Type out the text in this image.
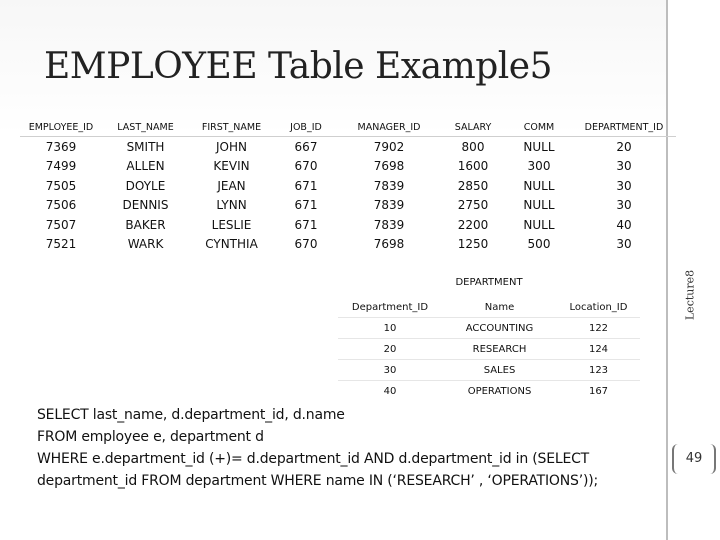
Lecture8
EMPLOYEE Table Example5
EMPLOYEE_ID	LAST_NAME	FIRST_NAME	JOB_ID	MANAGER_ID	SALARY	COMM	DEPARTMENT_ID
7369	SMITH	JOHN	667	7902	800	NULL	20
7499	ALLEN	KEVIN	670	7698	1600	300	30
7505	DOYLE	JEAN	671	7839	2850	NULL	30
7506	DENNIS	LYNN	671	7839	2750	NULL	30
7507	BAKER	LESLIE	671	7839	2200	NULL	40
7521	WARK	CYNTHIA	670	7698	1250	500	30
DEPARTMENT
Department_ID	Name	Location_ID
10	ACCOUNTING	122
20	RESEARCH	124
30	SALES	123
40	OPERATIONS	167
SELECT last_name, d.department_id, d.name
FROM employee e, department d
WHERE e.department_id (+)= d.department_id AND d.department_id in (SELECT
department_id FROM department WHERE name IN (‘RESEARCH’ , ‘OPERATIONS’));
49
